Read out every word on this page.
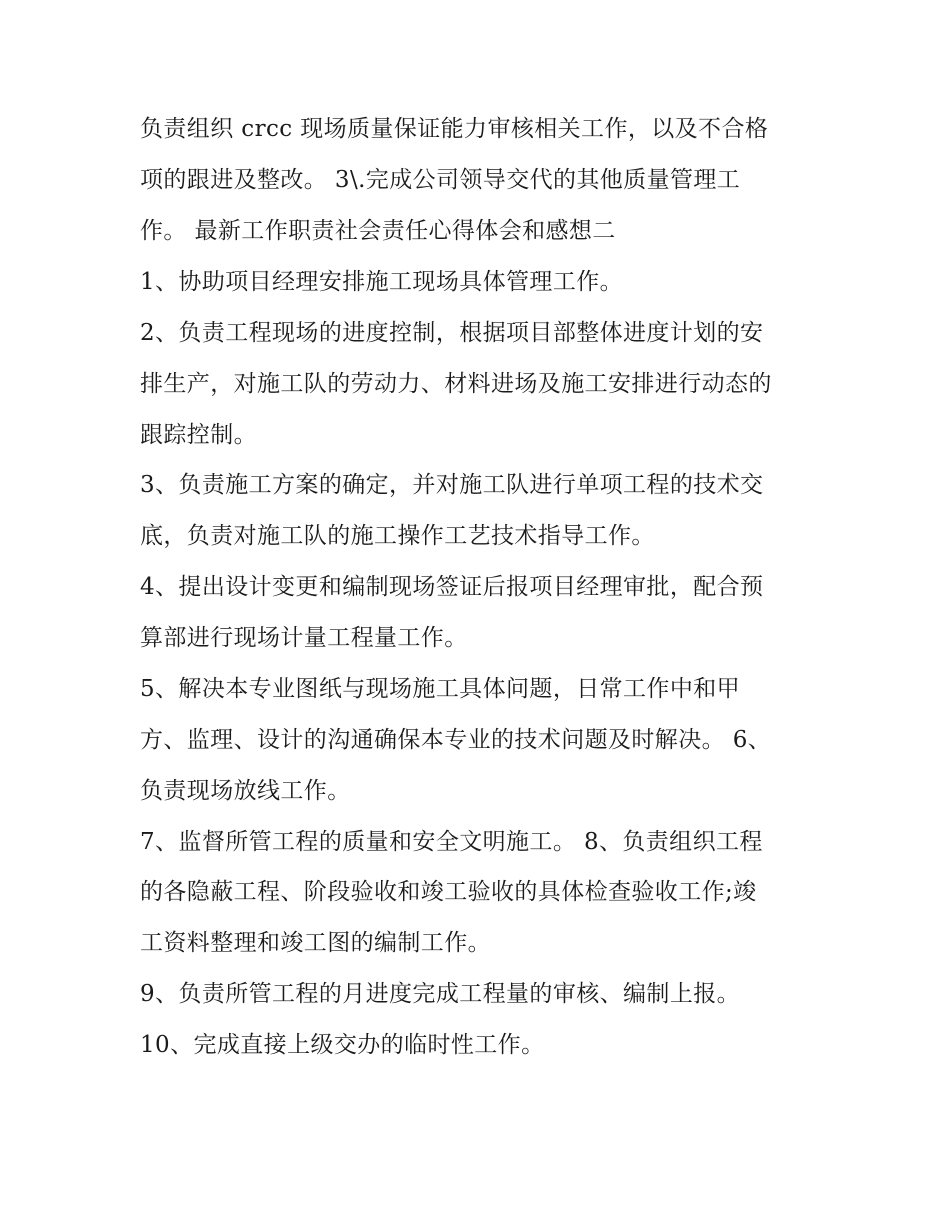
负责组织 crcc 现场质量保证能力审核相关工作，以及不合格
项的跟进及整改。 3\.完成公司领导交代的其他质量管理工
作。 最新工作职责社会责任心得体会和感想二
1、协助项目经理安排施工现场具体管理工作。
2、负责工程现场的进度控制，根据项目部整体进度计划的安
排生产，对施工队的劳动力、材料进场及施工安排进行动态的
跟踪控制。
3、负责施工方案的确定，并对施工队进行单项工程的技术交
底，负责对施工队的施工操作工艺技术指导工作。
4、提出设计变更和编制现场签证后报项目经理审批，配合预
算部进行现场计量工程量工作。
5、解决本专业图纸与现场施工具体问题，日常工作中和甲
方、监理、设计的沟通确保本专业的技术问题及时解决。 6、
负责现场放线工作。
7、监督所管工程的质量和安全文明施工。 8、负责组织工程
的各隐蔽工程、阶段验收和竣工验收的具体检查验收工作;竣
工资料整理和竣工图的编制工作。
9、负责所管工程的月进度完成工程量的审核、编制上报。
10、完成直接上级交办的临时性工作。
